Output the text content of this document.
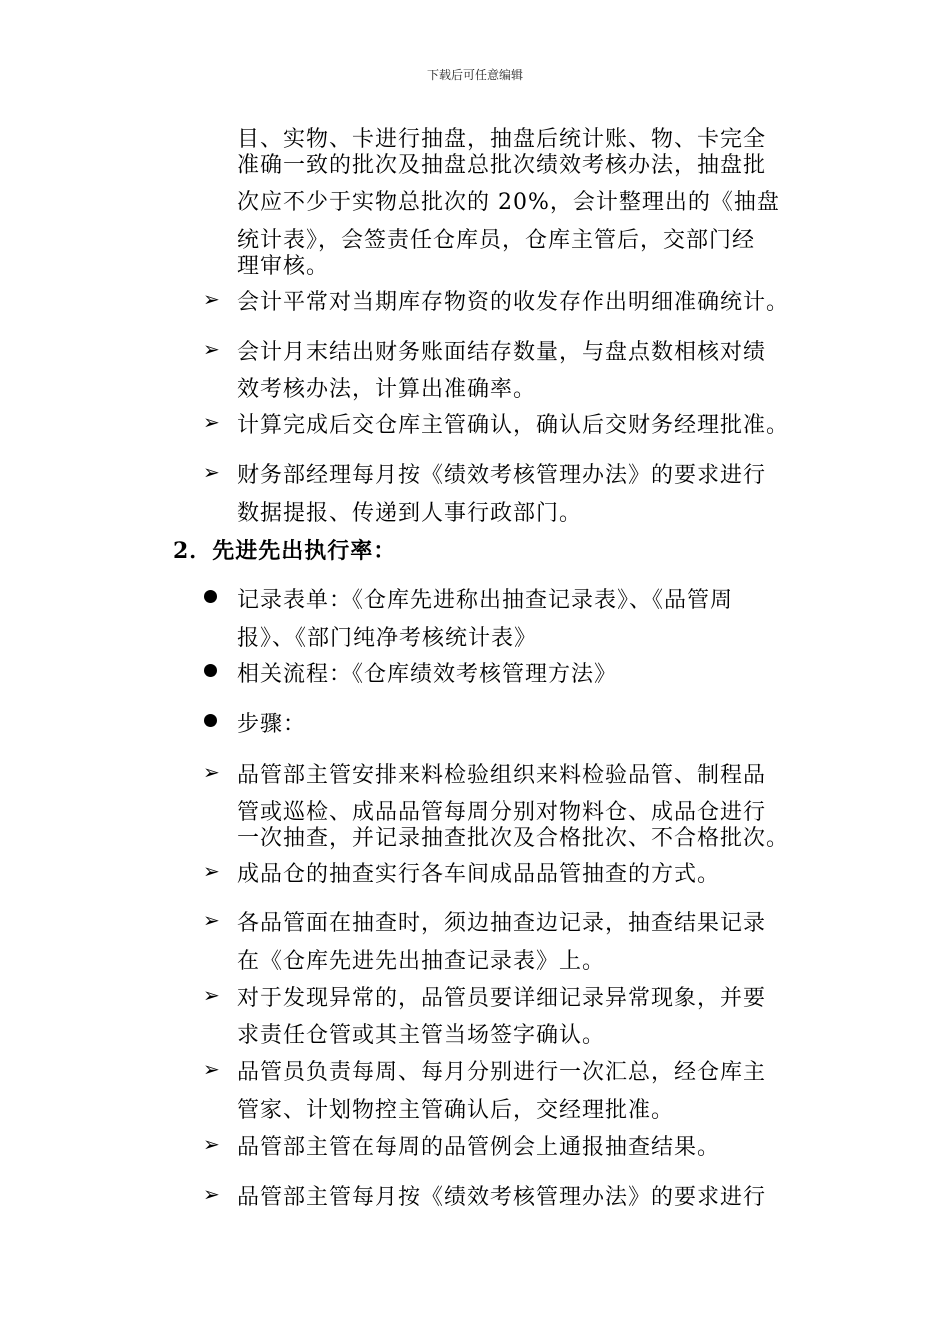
下载后可任意编辑
目、实物、卡进行抽盘，抽盘后统计账、物、卡完全
准确一致的批次及抽盘总批次绩效考核办法，抽盘批
次应不少于实物总批次的 20%，会计整理出的《抽盘
统计表》，会签责任仓库员，仓库主管后，交部门经
理审核。
➢ 会计平常对当期库存物资的收发存作出明细准确统计。
➢ 会计月末结出财务账面结存数量，与盘点数相核对绩
效考核办法，计算出准确率。
➢ 计算完成后交仓库主管确认，确认后交财务经理批准。
➢ 财务部经理每月按《绩效考核管理办法》的要求进行
数据提报、传递到人事行政部门。
2．先进先出执行率：
记录表单：《仓库先进称出抽查记录表》、《品管周
报》、《部门纯净考核统计表》
相关流程：《仓库绩效考核管理方法》
步骤：
➢ 品管部主管安排来料检验组织来料检验品管、制程品
管或巡检、成品品管每周分别对物料仓、成品仓进行
一次抽查，并记录抽查批次及合格批次、不合格批次。
➢ 成品仓的抽查实行各车间成品品管抽查的方式。
➢ 各品管面在抽查时，须边抽查边记录，抽查结果记录
在《仓库先进先出抽查记录表》上。
➢ 对于发现异常的，品管员要详细记录异常现象，并要
求责任仓管或其主管当场签字确认。
➢ 品管员负责每周、每月分别进行一次汇总，经仓库主
管家、计划物控主管确认后，交经理批准。
➢ 品管部主管在每周的品管例会上通报抽查结果。
➢ 品管部主管每月按《绩效考核管理办法》的要求进行
